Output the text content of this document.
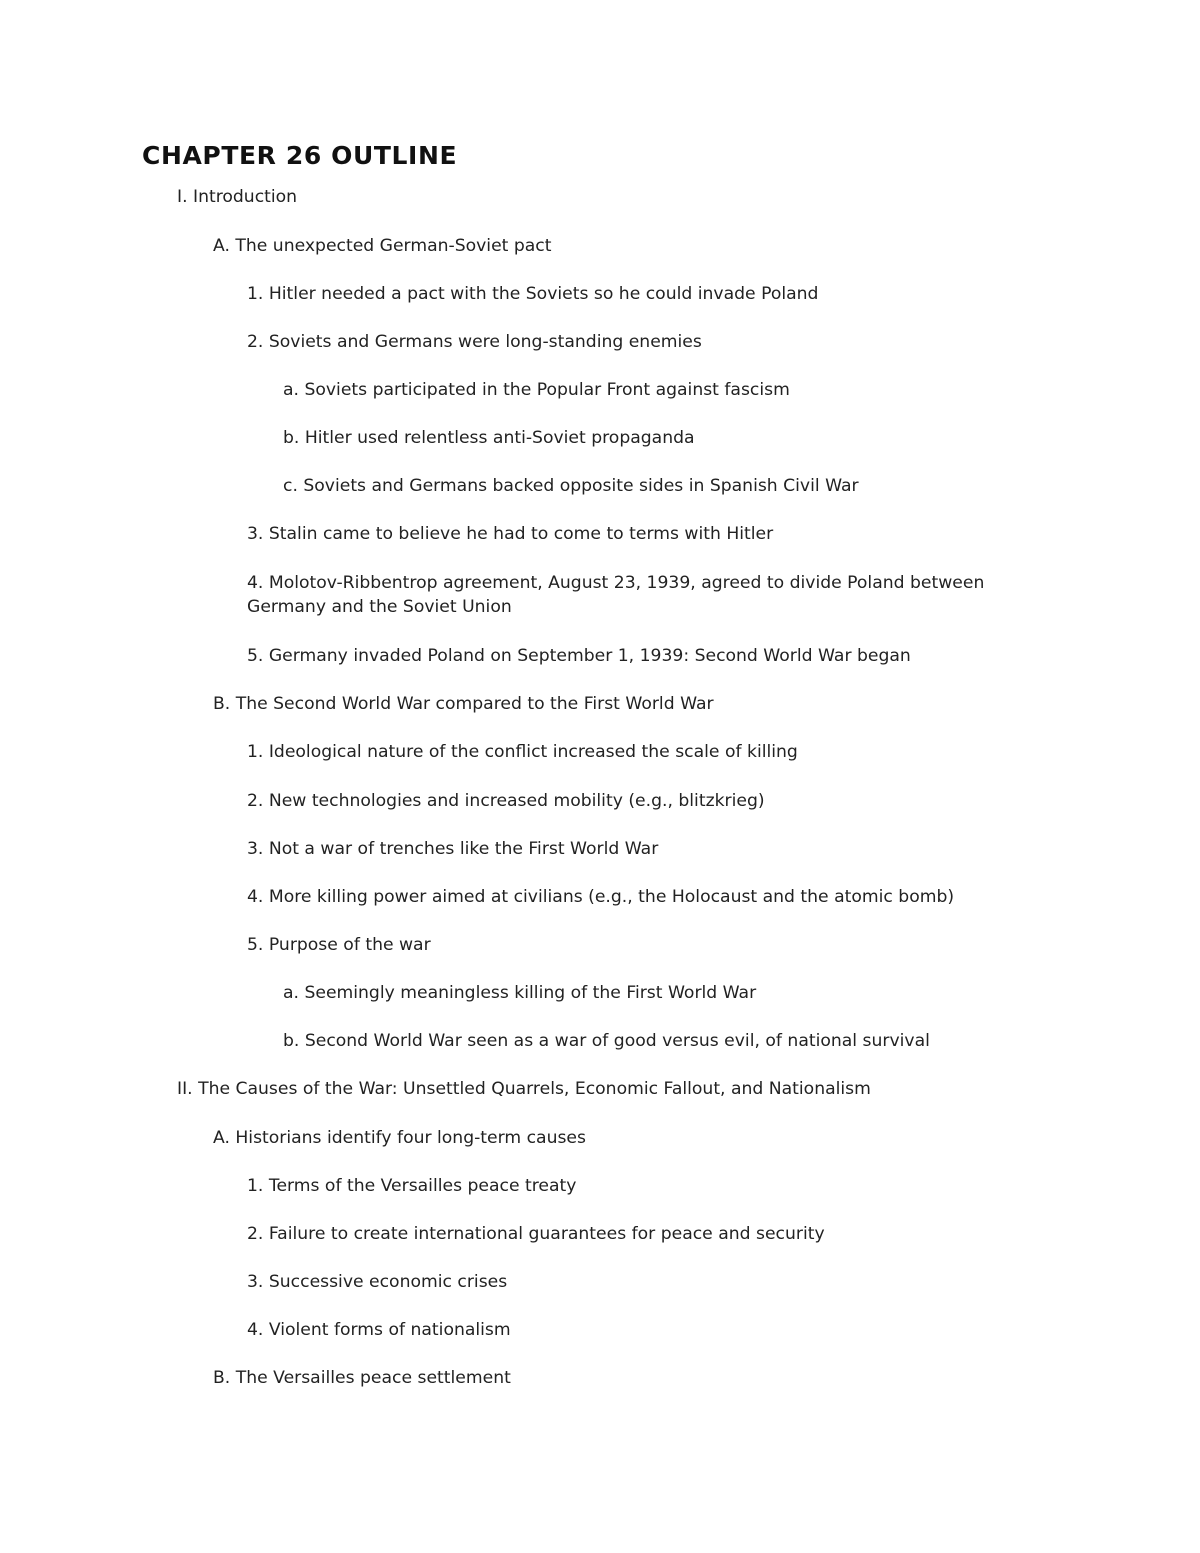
CHAPTER 26 OUTLINE
I. Introduction
A. The unexpected German-Soviet pact
1. Hitler needed a pact with the Soviets so he could invade Poland
2. Soviets and Germans were long-standing enemies
a. Soviets participated in the Popular Front against fascism
b. Hitler used relentless anti-Soviet propaganda
c. Soviets and Germans backed opposite sides in Spanish Civil War
3. Stalin came to believe he had to come to terms with Hitler
4. Molotov-Ribbentrop agreement, August 23, 1939, agreed to divide Poland between Germany and the Soviet Union
5. Germany invaded Poland on September 1, 1939: Second World War began
B. The Second World War compared to the First World War
1. Ideological nature of the conflict increased the scale of killing
2. New technologies and increased mobility (e.g., blitzkrieg)
3. Not a war of trenches like the First World War
4. More killing power aimed at civilians (e.g., the Holocaust and the atomic bomb)
5. Purpose of the war
a. Seemingly meaningless killing of the First World War
b. Second World War seen as a war of good versus evil, of national survival
II. The Causes of the War: Unsettled Quarrels, Economic Fallout, and Nationalism
A. Historians identify four long-term causes
1. Terms of the Versailles peace treaty
2. Failure to create international guarantees for peace and security
3. Successive economic crises
4. Violent forms of nationalism
B. The Versailles peace settlement
